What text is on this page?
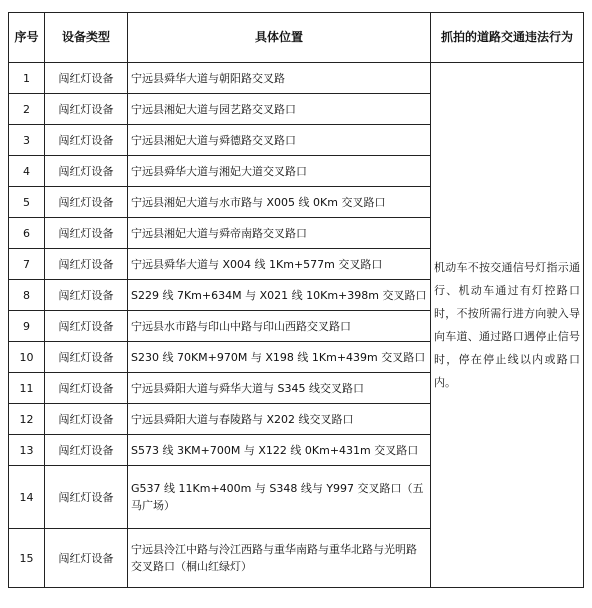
序号	设备类型	具体位置	抓拍的道路交通违法行为
1	闯红灯设备	宁远县舜华大道与朝阳路交叉路	机动车不按交通信号灯指示通行、机动车通过有灯控路口时，不按所需行进方向驶入导向车道、通过路口遇停止信号时，停在停止线以内或路口内。
2	闯红灯设备	宁远县湘妃大道与园艺路交叉路口	
3	闯红灯设备	宁远县湘妃大道与舜德路交叉路口	
4	闯红灯设备	宁远县舜华大道与湘妃大道交叉路口	
5	闯红灯设备	宁远县湘妃大道与水市路与 X005 线 0Km 交叉路口	
6	闯红灯设备	宁远县湘妃大道与舜帝南路交叉路口	
7	闯红灯设备	宁远县舜华大道与 X004 线 1Km+577m 交叉路口	
8	闯红灯设备	S229 线 7Km+634M 与 X021 线 10Km+398m 交叉路口	
9	闯红灯设备	宁远县水市路与印山中路与印山西路交叉路口	
10	闯红灯设备	S230 线 70KM+970M 与 X198 线 1Km+439m 交叉路口	
11	闯红灯设备	宁远县舜阳大道与舜华大道与 S345 线交叉路口	
12	闯红灯设备	宁远县舜阳大道与春陵路与 X202 线交叉路口	
13	闯红灯设备	S573 线 3KM+700M 与 X122 线 0Km+431m 交叉路口	
14	闯红灯设备	G537 线 11Km+400m 与 S348 线与 Y997 交叉路口（五马广场）	
15	闯红灯设备	宁远县泠江中路与泠江西路与重华南路与重华北路与光明路交叉路口（桐山红绿灯）	
